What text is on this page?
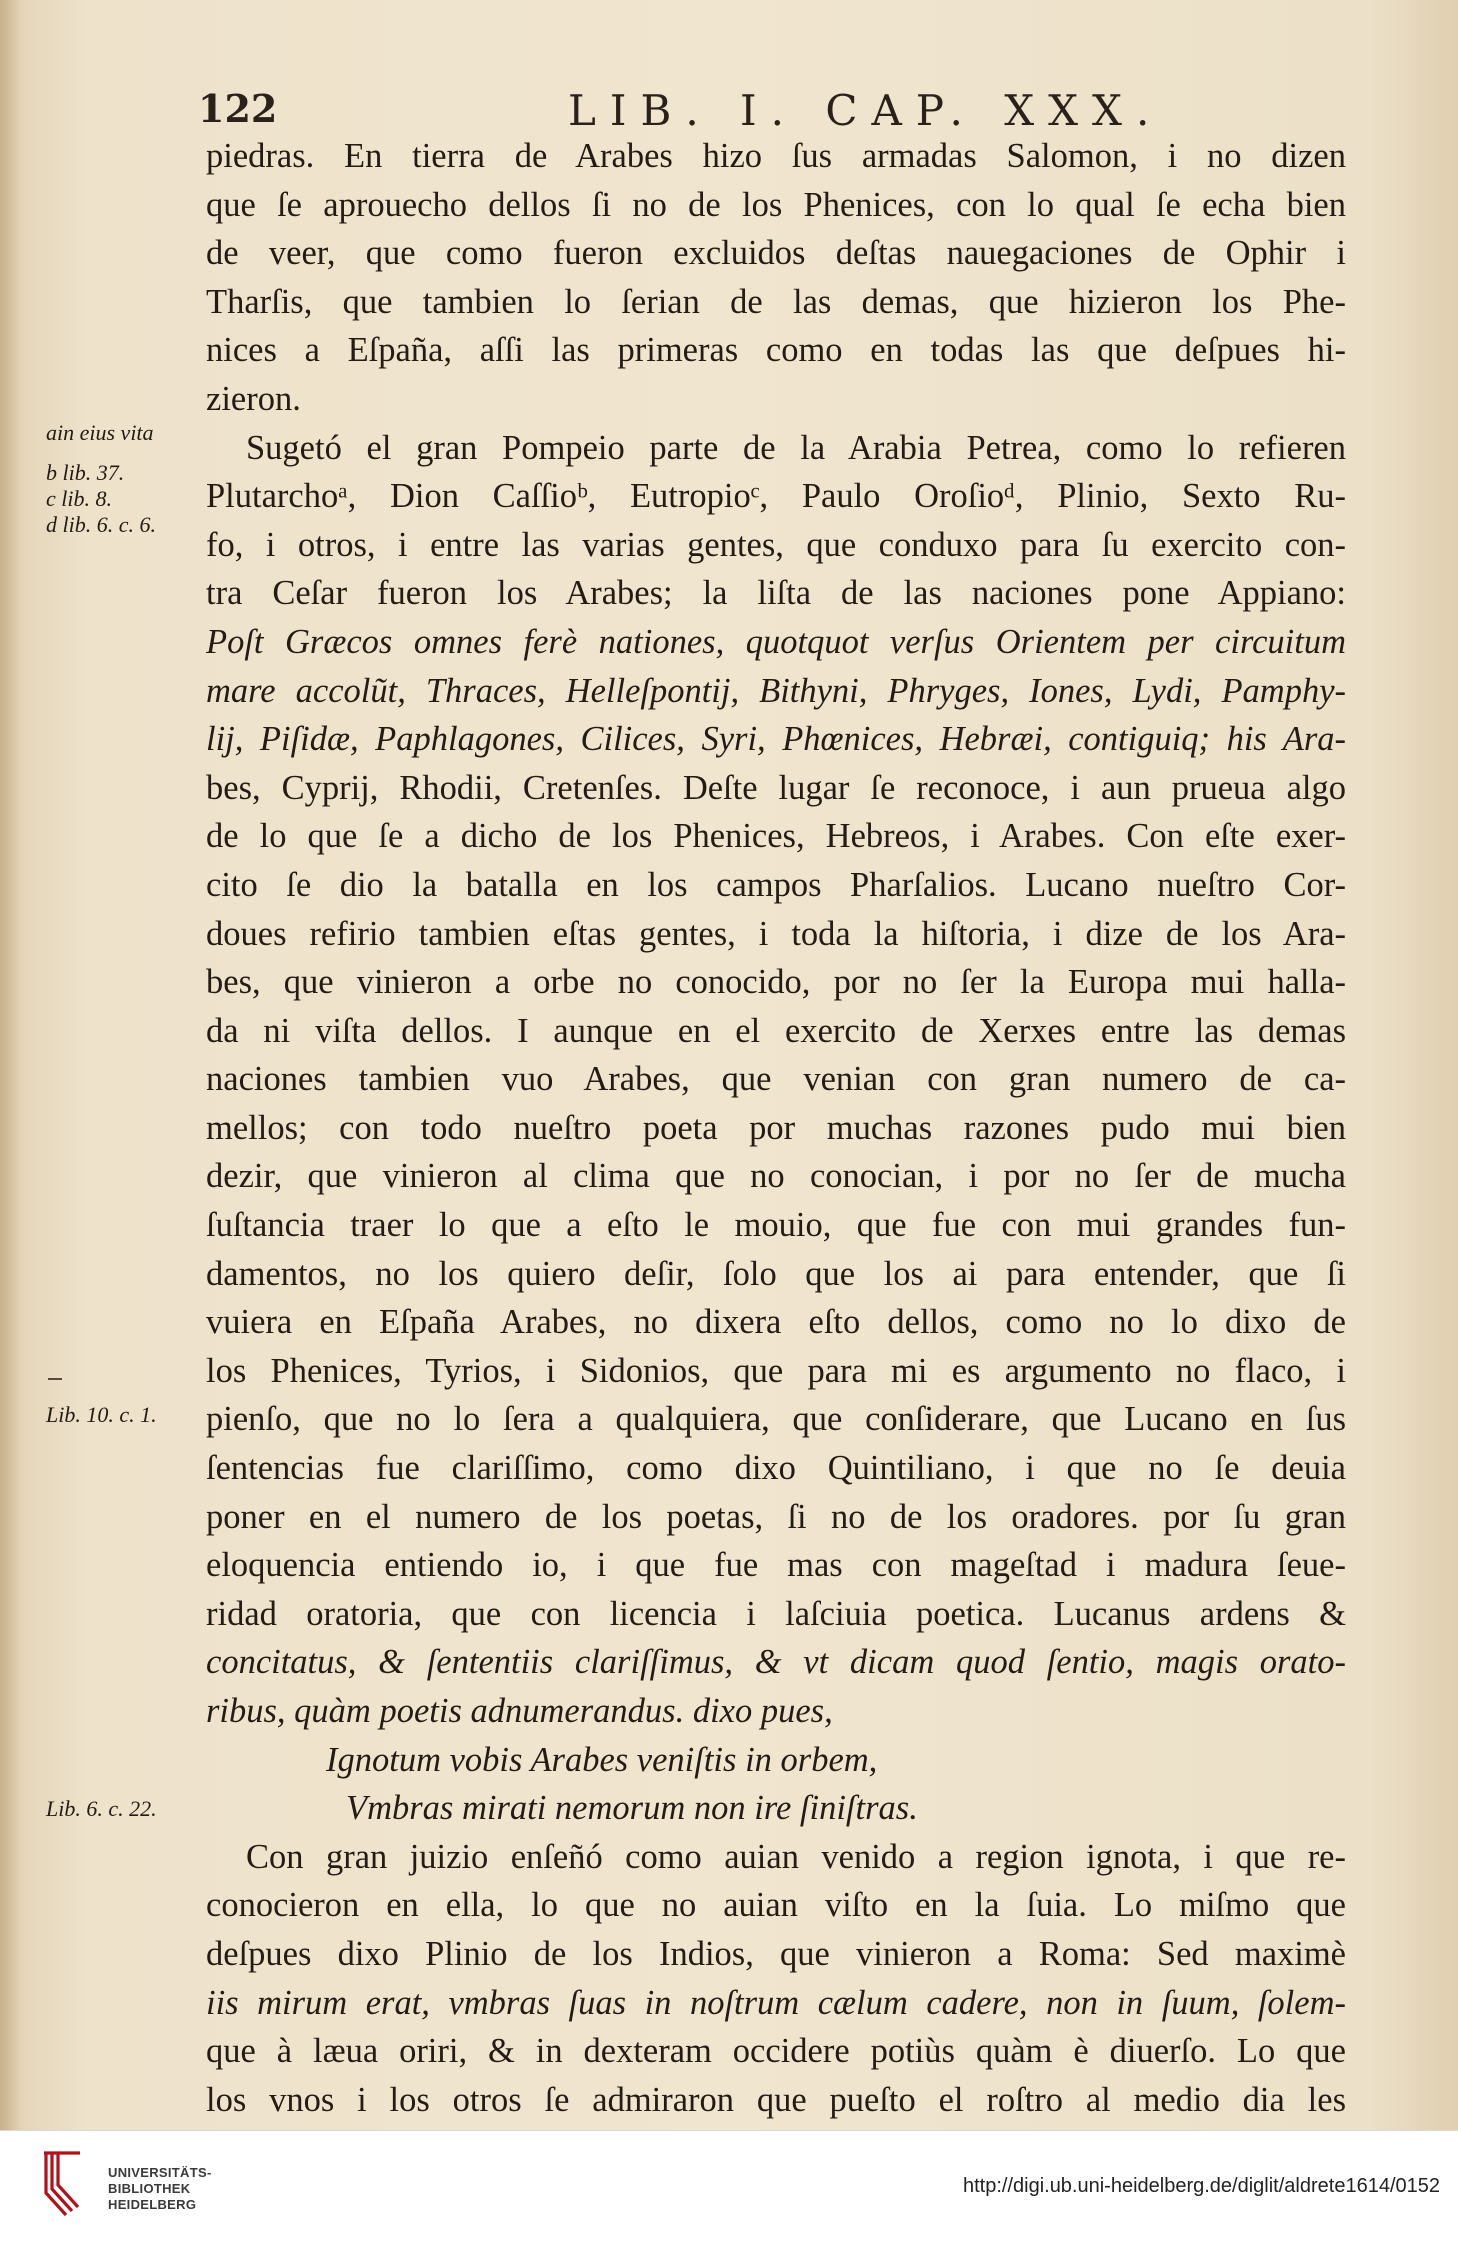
122	LIB. I. CAP. XXX.
ain eius vita
b lib. 37.
c lib. 8.
d lib. 6. c. 6.
Lib. 10. c. 1.
Lib. 6. c. 22.
piedras. En tierra de Arabes hizo ſus armadas Salomon, i no dizen
que ſe aprouecho dellos ſi no de los Phenices, con lo qual ſe echa bien
de veer, que como fueron excluidos deſtas nauegaciones de Ophir i
Tharſis, que tambien lo ſerian de las demas, que hizieron los Phe-
nices a Eſpaña, aſſi las primeras como en todas las que deſpues hi-
zieron.
Sugetó el gran Pompeio parte de la Arabia Petrea, como lo refieren
Plutarchoᵃ, Dion Caſſioᵇ, Eutropioᶜ, Paulo Oroſioᵈ, Plinio, Sexto Ru-
fo, i otros, i entre las varias gentes, que conduxo para ſu exercito con-
tra Ceſar fueron los Arabes; la liſta de las naciones pone Appiano:
Poſt Græcos omnes ferè nationes, quotquot verſus Orientem per circuitum
mare accolũt, Thraces, Helleſpontij, Bithyni, Phryges, Iones, Lydi, Pamphy-
lij, Piſidæ, Paphlagones, Cilices, Syri, Phœnices, Hebræi, contiguiq; his Ara-
bes, Cyprij, Rhodii, Cretenſes. Deſte lugar ſe reconoce, i aun prueua algo
de lo que ſe a dicho de los Phenices, Hebreos, i Arabes. Con eſte exer-
cito ſe dio la batalla en los campos Pharſalios. Lucano nueſtro Cor-
doues refirio tambien eſtas gentes, i toda la hiſtoria, i dize de los Ara-
bes, que vinieron a orbe no conocido, por no ſer la Europa mui halla-
da ni viſta dellos. I aunque en el exercito de Xerxes entre las demas
naciones tambien vuo Arabes, que venian con gran numero de ca-
mellos; con todo nueſtro poeta por muchas razones pudo mui bien
dezir, que vinieron al clima que no conocian, i por no ſer de mucha
ſuſtancia traer lo que a eſto le mouio, que fue con mui grandes fun-
damentos, no los quiero deſir, ſolo que los ai para entender, que ſi
vuiera en Eſpaña Arabes, no dixera eſto dellos, como no lo dixo de
los Phenices, Tyrios, i Sidonios, que para mi es argumento no flaco, i
pienſo, que no lo ſera a qualquiera, que conſiderare, que Lucano en ſus
ſentencias fue clariſſimo, como dixo Quintiliano, i que no ſe deuia
poner en el numero de los poetas, ſi no de los oradores. por ſu gran
eloquencia entiendo io, i que fue mas con mageſtad i madura ſeue-
ridad oratoria, que con licencia i laſciuia poetica. Lucanus ardens &
concitatus, & ſententiis clariſſimus, & vt dicam quod ſentio, magis orato-
ribus, quàm poetis adnumerandus. dixo pues,
Ignotum vobis Arabes veniſtis in orbem,
Vmbras mirati nemorum non ire ſiniſtras.
Con gran juizio enſeñó como auian venido a region ignota, i que re-
conocieron en ella, lo que no auian viſto en la ſuia. Lo miſmo que
deſpues dixo Plinio de los Indios, que vinieron a Roma: Sed maximè
iis mirum erat, vmbras ſuas in noſtrum cælum cadere, non in ſuum, ſolem-
que à læua oriri, & in dexteram occidere potiùs quàm è diuerſo. Lo que
los vnos i los otros ſe admiraron que pueſto el roſtro al medio dia les
UNIVERSITÄTS-
BIBLIOTHEK
HEIDELBERG
http://digi.ub.uni-heidelberg.de/diglit/aldrete1614/0152
